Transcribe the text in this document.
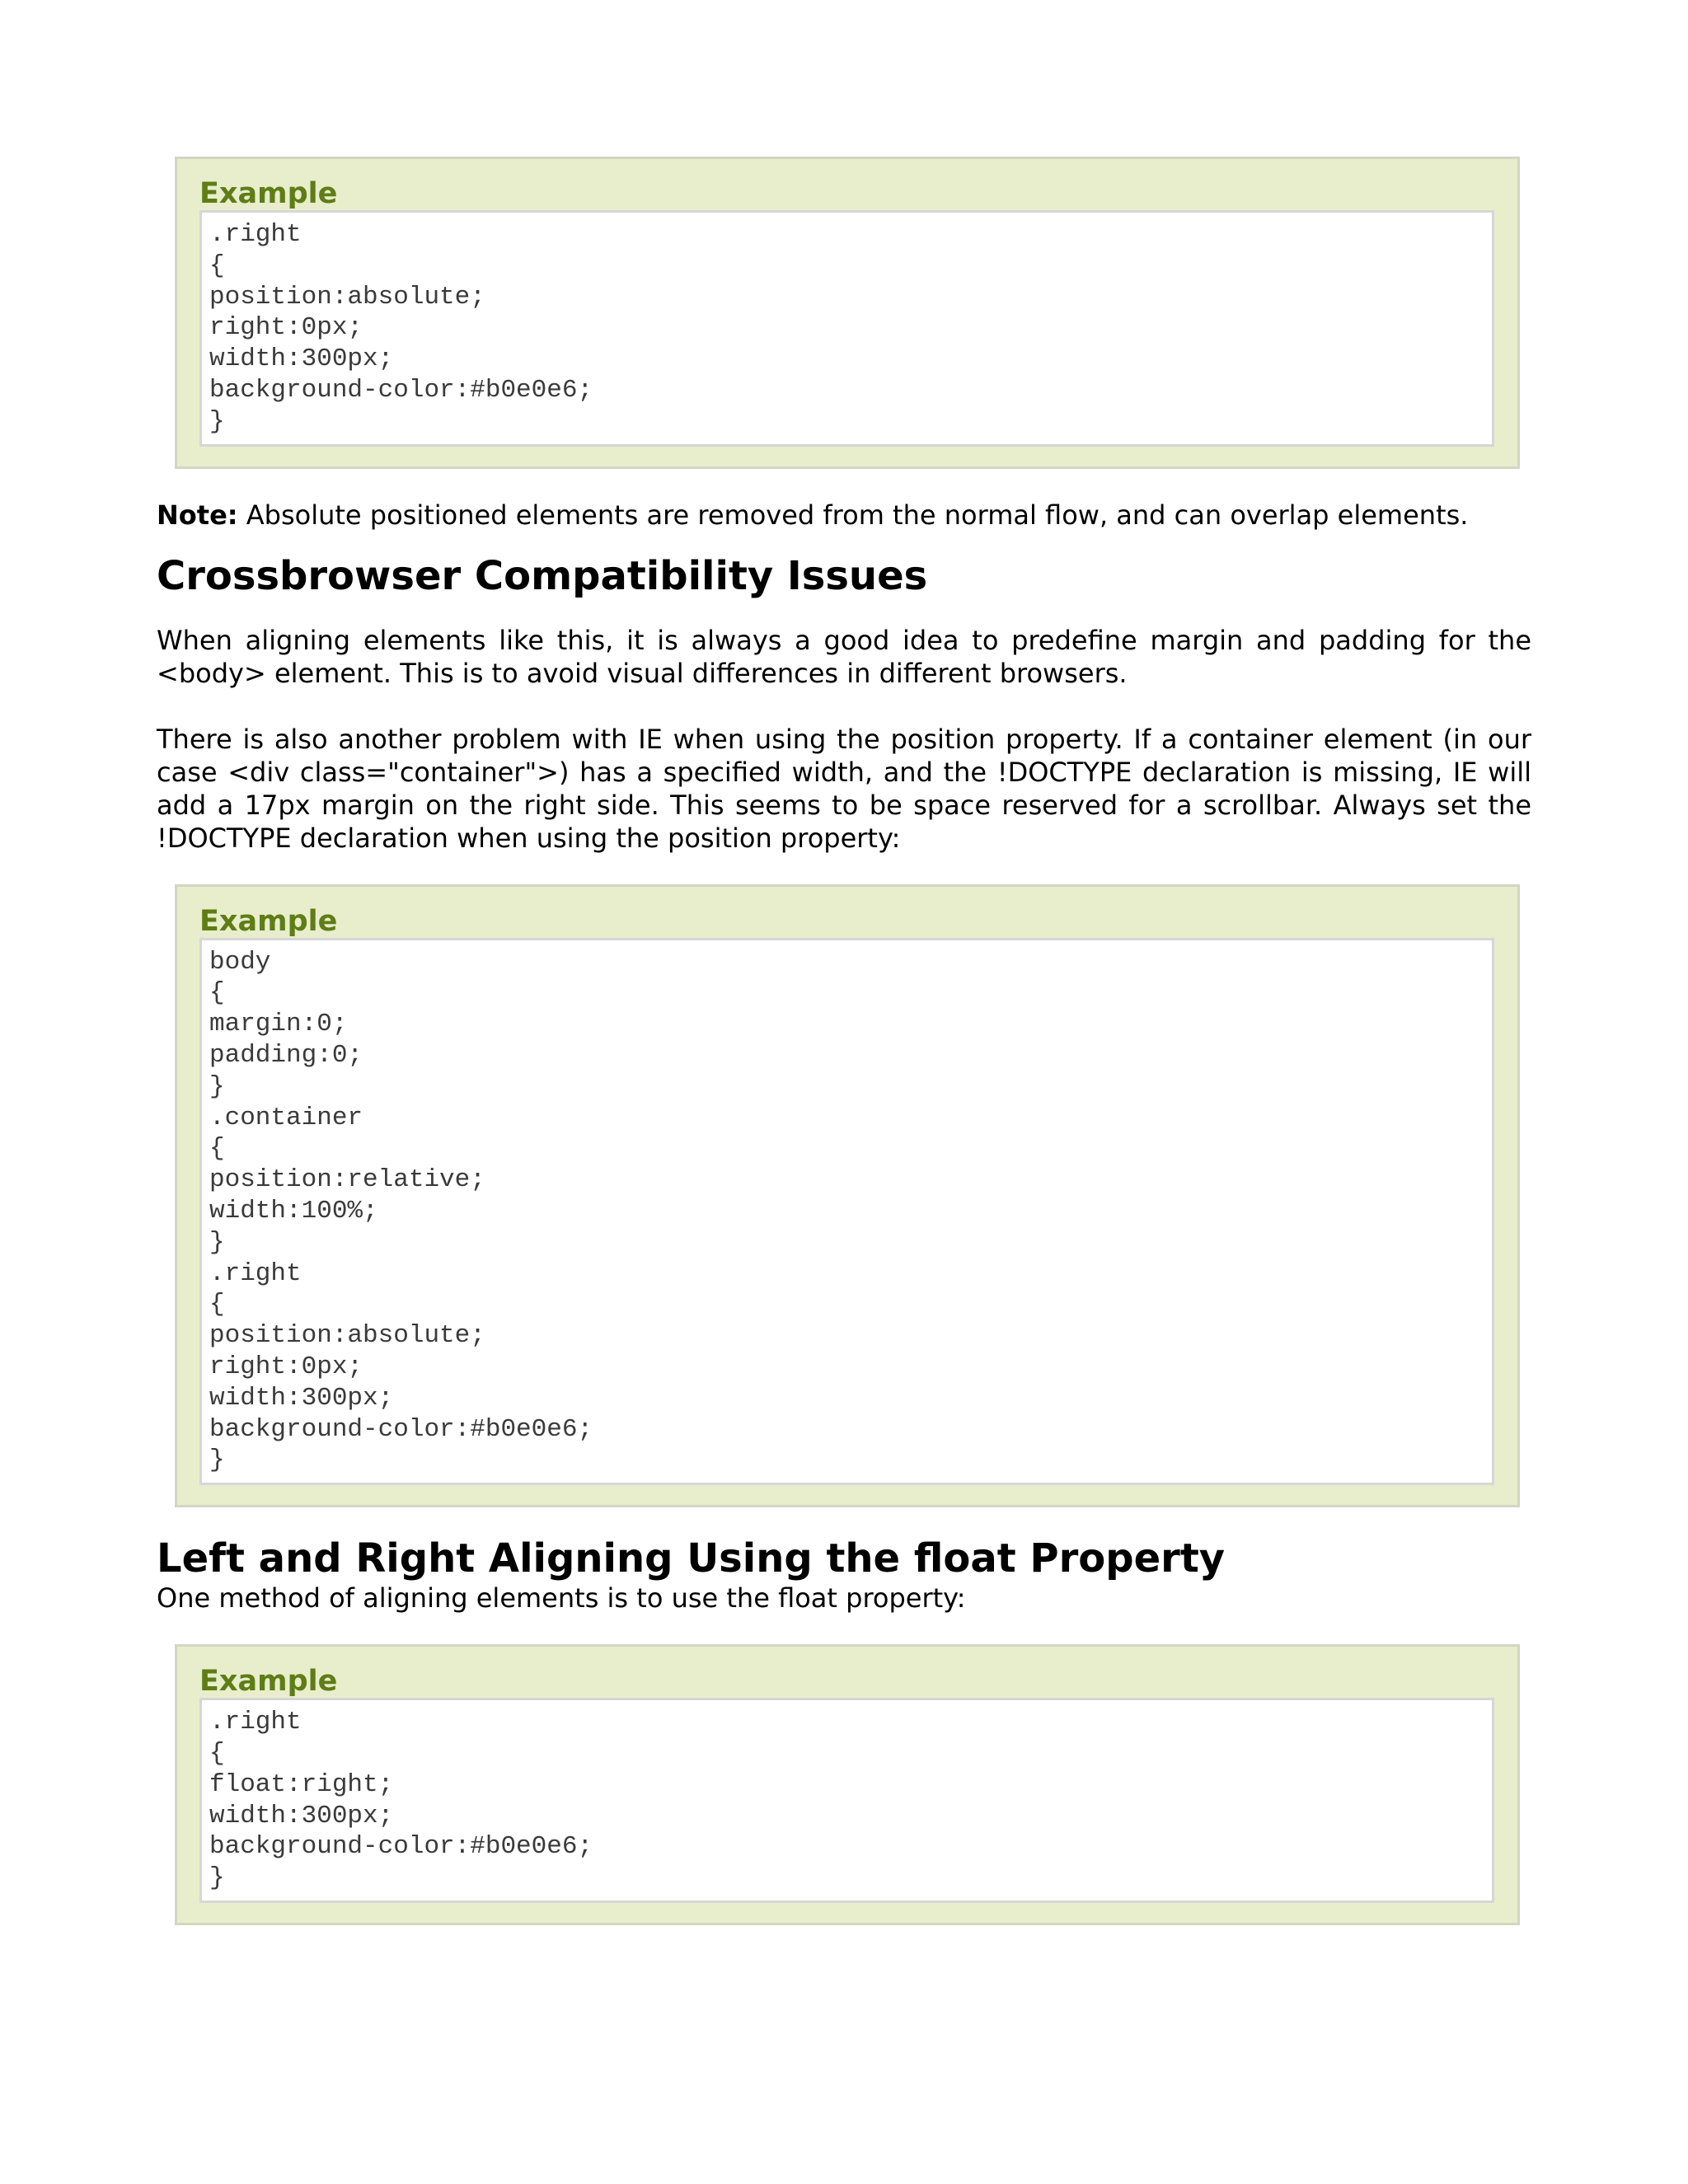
Example
.right
{
position:absolute;
right:0px;
width:300px;
background-color:#b0e0e6;
}

Note: Absolute positioned elements are removed from the normal flow, and can overlap elements.

Crossbrowser Compatibility Issues

When aligning elements like this, it is always a good idea to predefine margin and padding for the <body> element. This is to avoid visual differences in different browsers.

There is also another problem with IE when using the position property. If a container element (in our case <div class="container">) has a specified width, and the !DOCTYPE declaration is missing, IE will add a 17px margin on the right side. This seems to be space reserved for a scrollbar. Always set the !DOCTYPE declaration when using the position property:

Example
body
{
margin:0;
padding:0;
}
.container
{
position:relative;
width:100%;
}
.right
{
position:absolute;
right:0px;
width:300px;
background-color:#b0e0e6;
}
Left and Right Aligning Using the float Property

One method of aligning elements is to use the float property:

Example
.right
{
float:right;
width:300px;
background-color:#b0e0e6;
}
